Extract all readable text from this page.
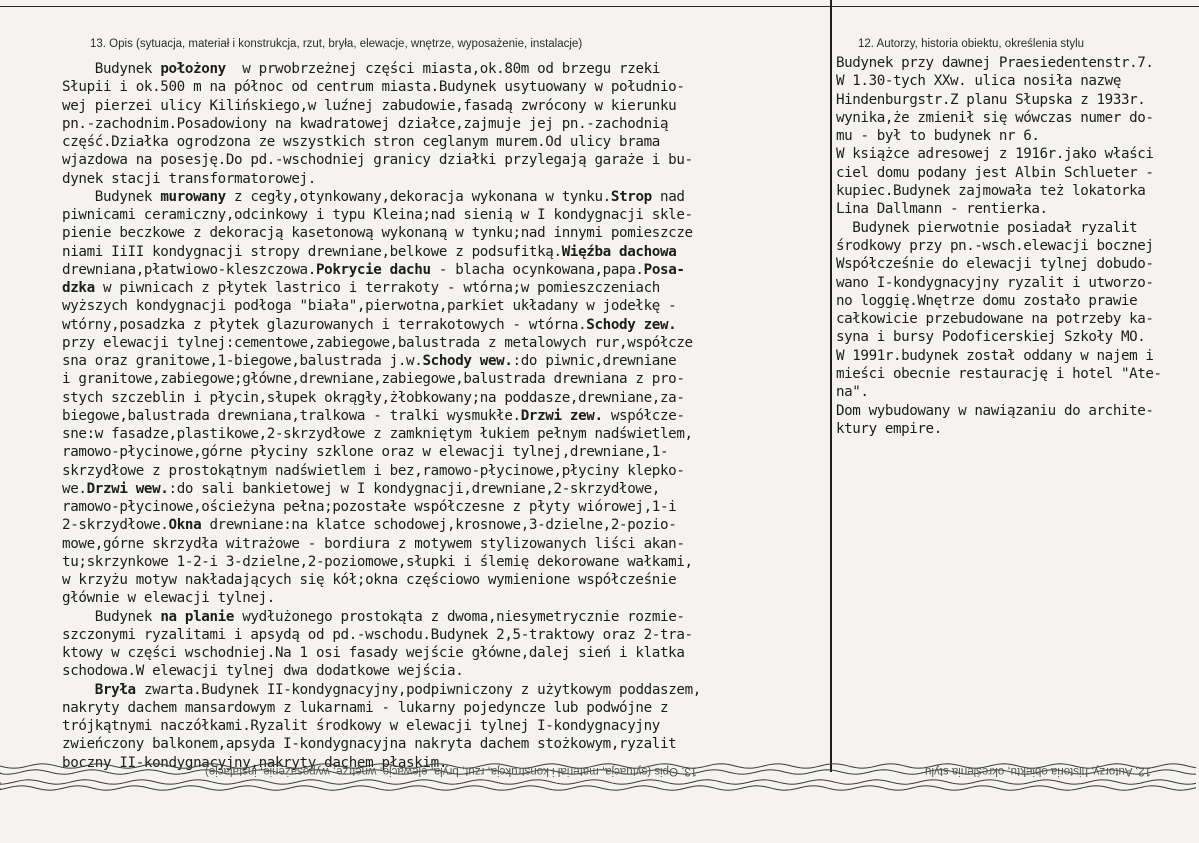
13. Opis (sytuacja, materiał i konstrukcja, rzut, bryła, elewacje, wnętrze, wyposażenie, instalacje)	12. Autorzy, historia obiektu, określenia stylu
Budynek położony  w prwobrzeżnej części miasta,ok.80m od brzegu rzeki
Słupii i ok.500 m na północ od centrum miasta.Budynek usytuowany w południo-
wej pierzei ulicy Kilińskiego,w luźnej zabudowie,fasadą zwrócony w kierunku
pn.-zachodnim.Posadowiony na kwadratowej działce,zajmuje jej pn.-zachodnią
część.Działka ogrodzona ze wszystkich stron ceglanym murem.Od ulicy brama
wjazdowa na posesję.Do pd.-wschodniej granicy działki przylegają garaże i bu-
dynek stacji transformatorowej.
Budynek murowany z cegły,otynkowany,dekoracja wykonana w tynku.Strop nad
piwnicami ceramiczny,odcinkowy i typu Kleina;nad sienią w I kondygnacji skle-
pienie beczkowe z dekoracją kasetonową wykonaną w tynku;nad innymi pomieszcze
niami IiII kondygnacji stropy drewniane,belkowe z podsufitką.Więźba dachowa
drewniana,płatwiowo-kleszczowa.Pokrycie dachu - blacha ocynkowana,papa.Posa-
dzka w piwnicach z płytek lastrico i terrakoty - wtórna;w pomieszczeniach
wyższych kondygnacji podłoga "biała",pierwotna,parkiet układany w jodełkę -
wtórny,posadzka z płytek glazurowanych i terrakotowych - wtórna.Schody zew.
przy elewacji tylnej:cementowe,zabiegowe,balustrada z metalowych rur,współcze
sna oraz granitowe,1-biegowe,balustrada j.w.Schody wew.:do piwnic,drewniane
i granitowe,zabiegowe;główne,drewniane,zabiegowe,balustrada drewniana z pro-
stych szczeblin i płycin,słupek okrągły,żłobkowany;na poddasze,drewniane,za-
biegowe,balustrada drewniana,tralkowa - tralki wysmukłe.Drzwi zew. współcze-
sne:w fasadze,plastikowe,2-skrzydłowe z zamkniętym łukiem pełnym nadświetlem,
ramowo-płycinowe,górne płyciny szklone oraz w elewacji tylnej,drewniane,1-
skrzydłowe z prostokątnym nadświetlem i bez,ramowo-płycinowe,płyciny klepko-
we.Drzwi wew.:do sali bankietowej w I kondygnacji,drewniane,2-skrzydłowe,
ramowo-płycinowe,ościeżyna pełna;pozostałe współczesne z płyty wiórowej,1-i
2-skrzydłowe.Okna drewniane:na klatce schodowej,krosnowe,3-dzielne,2-pozio-
mowe,górne skrzydła witrażowe - bordiura z motywem stylizowanych liści akan-
tu;skrzynkowe 1-2-i 3-dzielne,2-poziomowe,słupki i ślemię dekorowane wałkami,
w krzyżu motyw nakładających się kół;okna częściowo wymienione współcześnie
głównie w elewacji tylnej.
Budynek na planie wydłużonego prostokąta z dwoma,niesymetrycznie rozmie-
szczonymi ryzalitami i apsydą od pd.-wschodu.Budynek 2,5-traktowy oraz 2-tra-
ktowy w części wschodniej.Na 1 osi fasady wejście główne,dalej sień i klatka
schodowa.W elewacji tylnej dwa dodatkowe wejścia.
Bryła zwarta.Budynek II-kondygnacyjny,podpiwniczony z użytkowym poddaszem,
nakryty dachem mansardowym z lukarnami - lukarny pojedyncze lub podwójne z
trójkątnymi naczółkami.Ryzalit środkowy w elewacji tylnej I-kondygnacyjny
zwieńczony balkonem,apsyda I-kondygnacyjna nakryta dachem stożkowym,ryzalit
boczny II-kondygnacyjny,nakryty dachem płaskim.
Budynek przy dawnej Praesiedentenstr.7.
W 1.30-tych XXw. ulica nosiła nazwę
Hindenburgstr.Z planu Słupska z 1933r.
wynika,że zmienił się wówczas numer do-
mu - był to budynek nr 6.
W książce adresowej z 1916r.jako właści
ciel domu podany jest Albin Schlueter -
kupiec.Budynek zajmowała też lokatorka
Lina Dallmann - rentierka.
Budynek pierwotnie posiadał ryzalit
środkowy przy pn.-wsch.elewacji bocznej
Współcześnie do elewacji tylnej dobudo-
wano I-kondygnacyjny ryzalit i utworzo-
no loggię.Wnętrze domu zostało prawie
całkowicie przebudowane na potrzeby ka-
syna i bursy Podoficerskiej Szkoły MO.
W 1991r.budynek został oddany w najem i
mieści obecnie restaurację i hotel "Ate-
na".
Dom wybudowany w nawiązaniu do archite-
ktury empire.
13. Opis (sytuacja, materiał i konstrukcja, rzut, bryła, elewacje, wnętrze, wyposażenie, instalacje)	12. Autorzy, historia obiektu, określenia stylu
